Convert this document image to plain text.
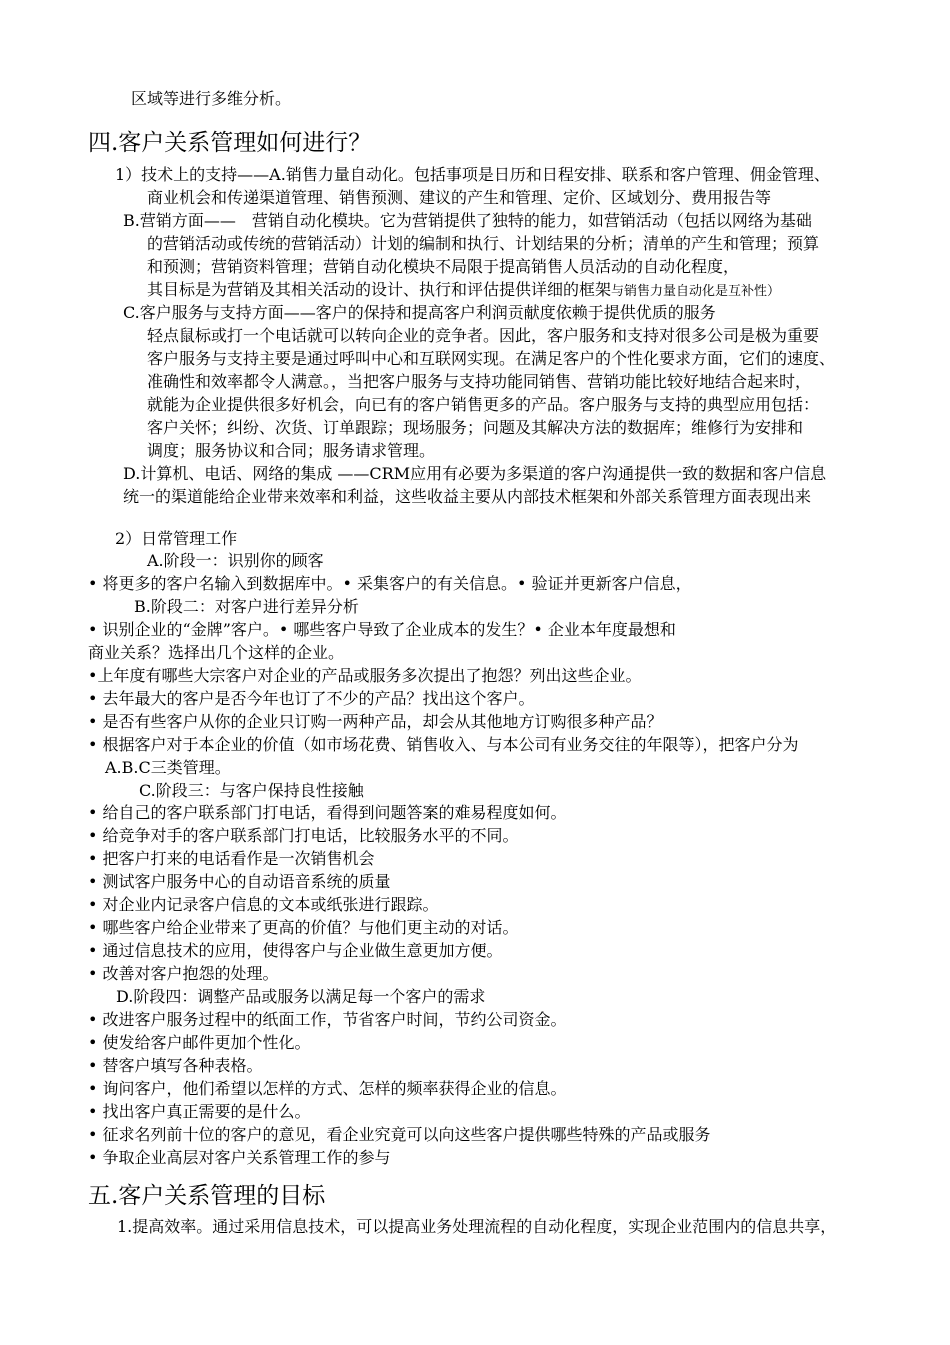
区域等进行多维分析。
四.客户关系管理如何进行？
1）技术上的支持——A.销售力量自动化。包括事项是日历和日程安排、联系和客户管理、佣金管理、
商业机会和传递渠道管理、销售预测、建议的产生和管理、定价、区域划分、费用报告等
B.营销方面——　营销自动化模块。它为营销提供了独特的能力，如营销活动（包括以网络为基础
的营销活动或传统的营销活动）计划的编制和执行、计划结果的分析；清单的产生和管理；预算
和预测；营销资料管理；营销自动化模块不局限于提高销售人员活动的自动化程度，
其目标是为营销及其相关活动的设计、执行和评估提供详细的框架与销售力量自动化是互补性）
C.客户服务与支持方面——客户的保持和提高客户利润贡献度依赖于提供优质的服务
轻点鼠标或打一个电话就可以转向企业的竞争者。因此，客户服务和支持对很多公司是极为重要
客户服务与支持主要是通过呼叫中心和互联网实现。在满足客户的个性化要求方面，它们的速度、
准确性和效率都令人满意。，当把客户服务与支持功能同销售、营销功能比较好地结合起来时，
就能为企业提供很多好机会，向已有的客户销售更多的产品。客户服务与支持的典型应用包括：
客户关怀；纠纷、次货、订单跟踪；现场服务；问题及其解决方法的数据库；维修行为安排和
调度；服务协议和合同；服务请求管理。
D.计算机、电话、网络的集成 ——CRM应用有必要为多渠道的客户沟通提供一致的数据和客户信息
统一的渠道能给企业带来效率和利益，这些收益主要从内部技术框架和外部关系管理方面表现出来
2）日常管理工作
A.阶段一：识别你的顾客
• 将更多的客户名输入到数据库中。• 采集客户的有关信息。• 验证并更新客户信息，
B.阶段二：对客户进行差异分析
• 识别企业的“金牌”客户。• 哪些客户导致了企业成本的发生？• 企业本年度最想和
商业关系？选择出几个这样的企业。
•上年度有哪些大宗客户对企业的产品或服务多次提出了抱怨？列出这些企业。
• 去年最大的客户是否今年也订了不少的产品？找出这个客户。
• 是否有些客户从你的企业只订购一两种产品，却会从其他地方订购很多种产品？
• 根据客户对于本企业的价值（如市场花费、销售收入、与本公司有业务交往的年限等），把客户分为
A.B.C三类管理。
C.阶段三：与客户保持良性接触
• 给自己的客户联系部门打电话，看得到问题答案的难易程度如何。
• 给竞争对手的客户联系部门打电话，比较服务水平的不同。
• 把客户打来的电话看作是一次销售机会
• 测试客户服务中心的自动语音系统的质量
• 对企业内记录客户信息的文本或纸张进行跟踪。
• 哪些客户给企业带来了更高的价值？与他们更主动的对话。
• 通过信息技术的应用，使得客户与企业做生意更加方便。
• 改善对客户抱怨的处理。
D.阶段四：调整产品或服务以满足每一个客户的需求
• 改进客户服务过程中的纸面工作，节省客户时间，节约公司资金。
• 使发给客户邮件更加个性化。
• 替客户填写各种表格。
• 询问客户，他们希望以怎样的方式、怎样的频率获得企业的信息。
• 找出客户真正需要的是什么。
• 征求名列前十位的客户的意见，看企业究竟可以向这些客户提供哪些特殊的产品或服务
• 争取企业高层对客户关系管理工作的参与
五.客户关系管理的目标
1.提高效率。通过采用信息技术，可以提高业务处理流程的自动化程度，实现企业范围内的信息共享，
